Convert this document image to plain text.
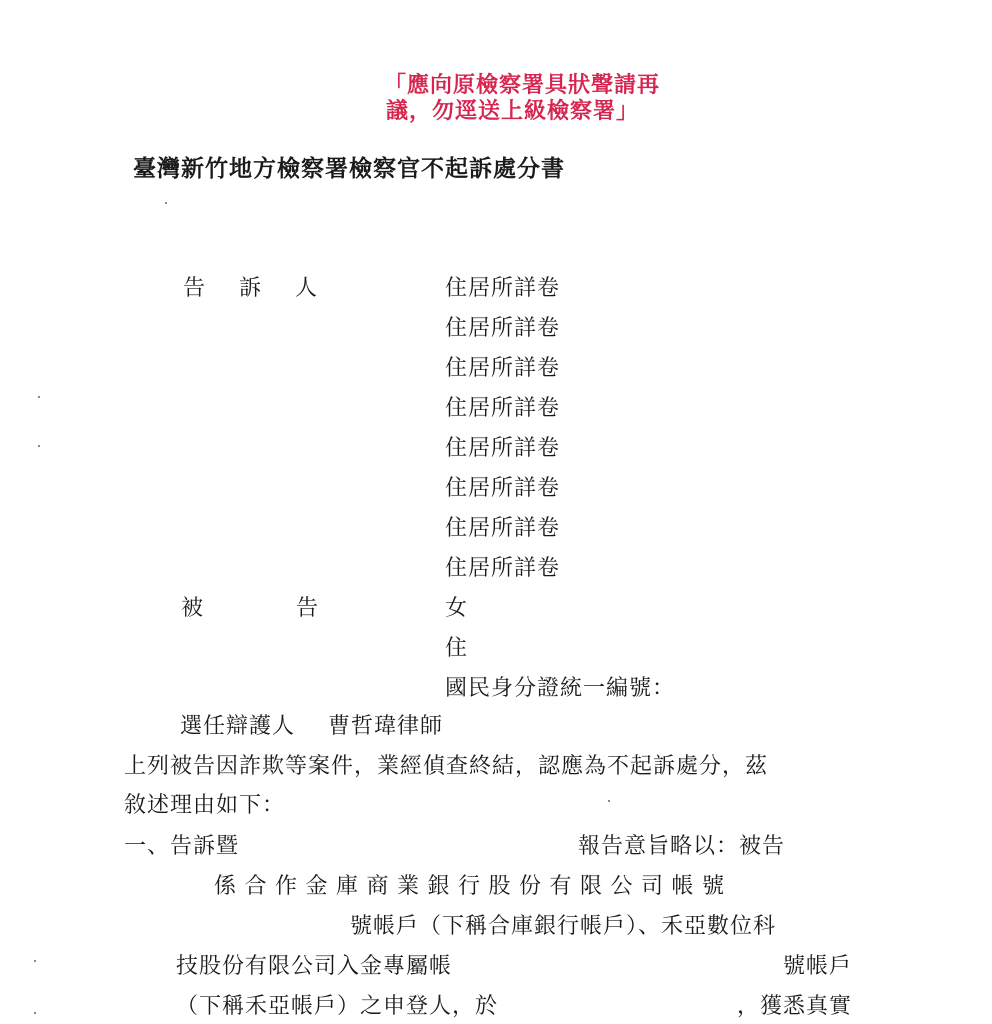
「應向原檢察署具狀聲請再
議，勿逕送上級檢察署」
臺灣新竹地方檢察署檢察官不起訴處分書
告訴人	住居所詳卷
住居所詳卷
住居所詳卷
住居所詳卷
住居所詳卷
住居所詳卷
住居所詳卷
住居所詳卷
被告 女
住
國民身分證統一編號：
選任辯護人 曹哲瑋律師
上列被告因詐欺等案件，業經偵查終結，認應為不起訴處分，茲
敘述理由如下：
一、告訴暨	報告意旨略以：被告
係合作金庫商業銀行股份有限公司帳號
號帳戶（下稱合庫銀行帳戶）、禾亞數位科
技股份有限公司入金專屬帳	號帳戶
（下稱禾亞帳戶）之申登人，於	，獲悉真實
